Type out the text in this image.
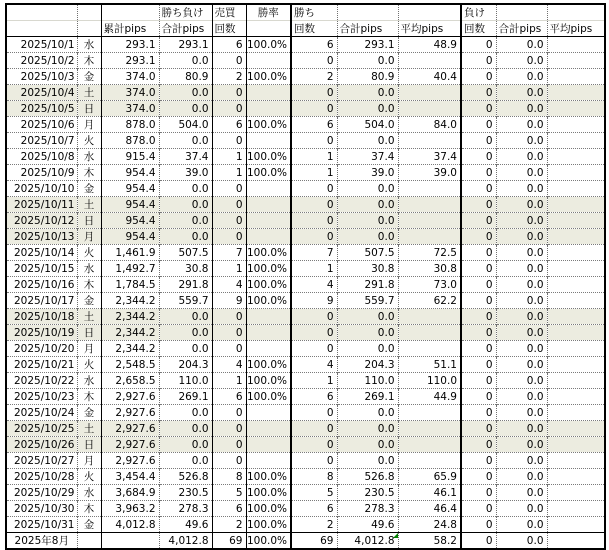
			勝ち負け	売買	勝率	勝ち			負け		
		累計pips	合計pips	回数		回数	合計pips	平均pips	回数	合計pips	平均pips
2025/10/1	水	293.1	293.1	6	100.0%	6	293.1	48.9	0	0.0	
2025/10/2	木	293.1	0.0	0		0	0.0		0	0.0	
2025/10/3	金	374.0	80.9	2	100.0%	2	80.9	40.4	0	0.0	
2025/10/4	土	374.0	0.0	0		0	0.0		0	0.0	
2025/10/5	日	374.0	0.0	0		0	0.0		0	0.0	
2025/10/6	月	878.0	504.0	6	100.0%	6	504.0	84.0	0	0.0	
2025/10/7	火	878.0	0.0	0		0	0.0		0	0.0	
2025/10/8	水	915.4	37.4	1	100.0%	1	37.4	37.4	0	0.0	
2025/10/9	木	954.4	39.0	1	100.0%	1	39.0	39.0	0	0.0	
2025/10/10	金	954.4	0.0	0		0	0.0		0	0.0	
2025/10/11	土	954.4	0.0	0		0	0.0		0	0.0	
2025/10/12	日	954.4	0.0	0		0	0.0		0	0.0	
2025/10/13	月	954.4	0.0	0		0	0.0		0	0.0	
2025/10/14	火	1,461.9	507.5	7	100.0%	7	507.5	72.5	0	0.0	
2025/10/15	水	1,492.7	30.8	1	100.0%	1	30.8	30.8	0	0.0	
2025/10/16	木	1,784.5	291.8	4	100.0%	4	291.8	73.0	0	0.0	
2025/10/17	金	2,344.2	559.7	9	100.0%	9	559.7	62.2	0	0.0	
2025/10/18	土	2,344.2	0.0	0		0	0.0		0	0.0	
2025/10/19	日	2,344.2	0.0	0		0	0.0		0	0.0	
2025/10/20	月	2,344.2	0.0	0		0	0.0		0	0.0	
2025/10/21	火	2,548.5	204.3	4	100.0%	4	204.3	51.1	0	0.0	
2025/10/22	水	2,658.5	110.0	1	100.0%	1	110.0	110.0	0	0.0	
2025/10/23	木	2,927.6	269.1	6	100.0%	6	269.1	44.9	0	0.0	
2025/10/24	金	2,927.6	0.0	0		0	0.0		0	0.0	
2025/10/25	土	2,927.6	0.0	0		0	0.0		0	0.0	
2025/10/26	日	2,927.6	0.0	0		0	0.0		0	0.0	
2025/10/27	月	2,927.6	0.0	0		0	0.0		0	0.0	
2025/10/28	火	3,454.4	526.8	8	100.0%	8	526.8	65.9	0	0.0	
2025/10/29	水	3,684.9	230.5	5	100.0%	5	230.5	46.1	0	0.0	
2025/10/30	木	3,963.2	278.3	6	100.0%	6	278.3	46.4	0	0.0	
2025/10/31	金	4,012.8	49.6	2	100.0%	2	49.6	24.8	0	0.0	
2025年8月			4,012.8	69	100.0%	69	4,012.8	58.2	0	0.0	
